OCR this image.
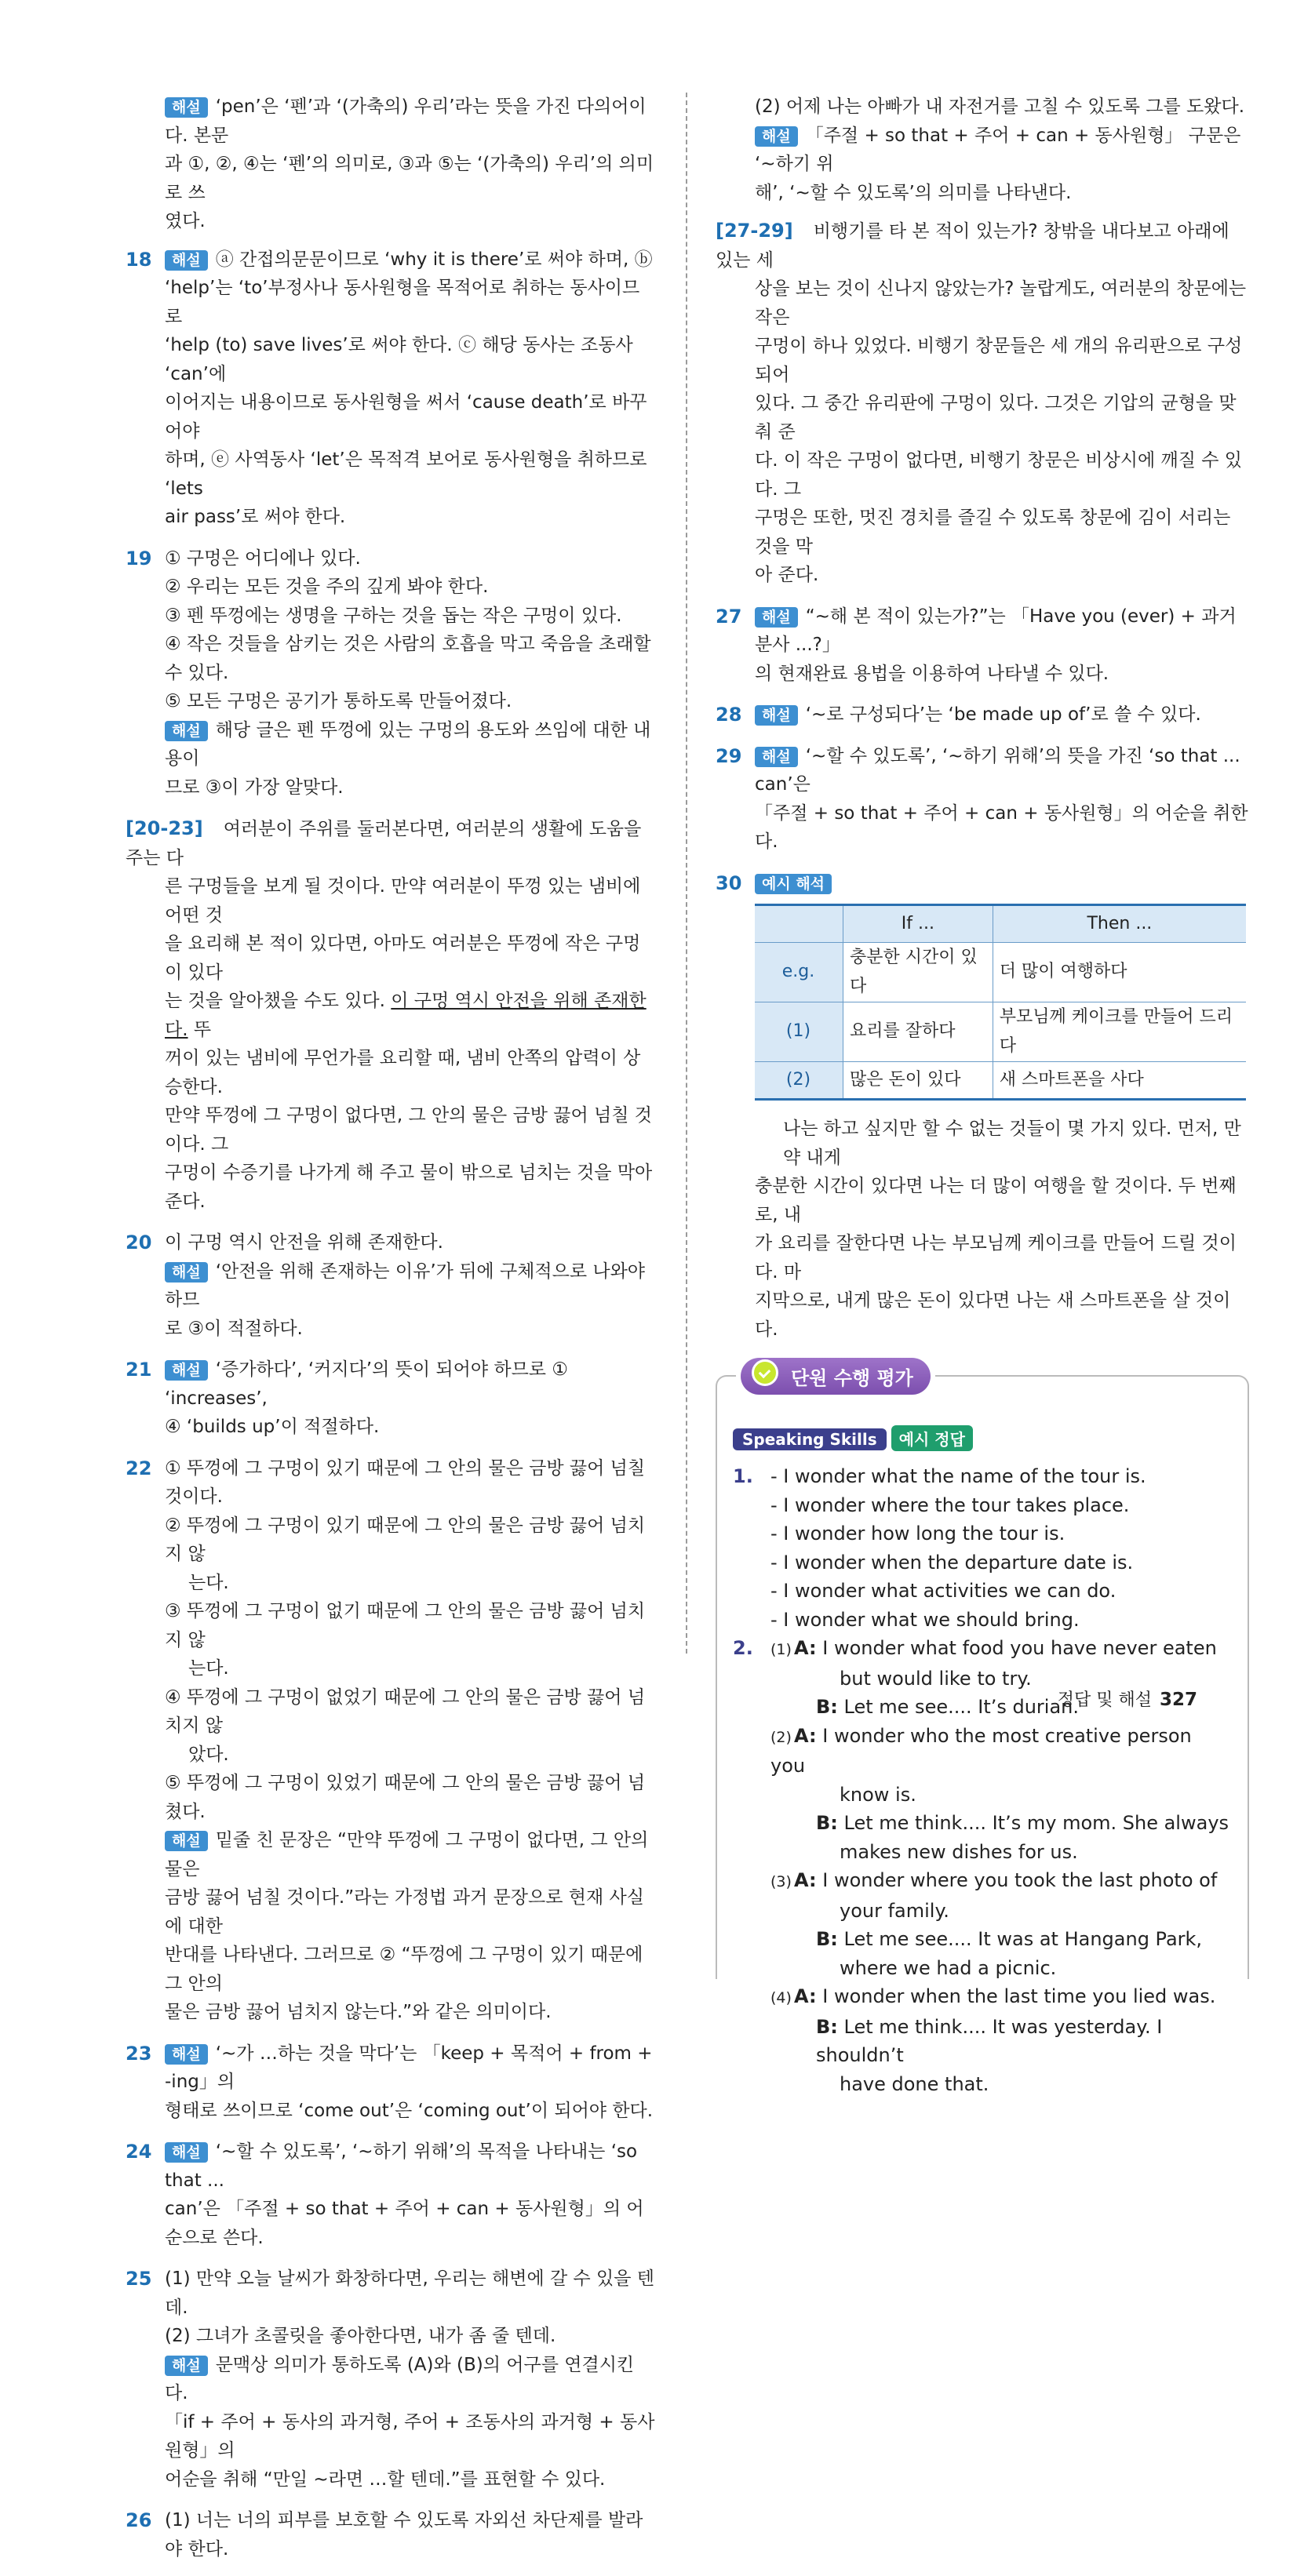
해설 ‘pen’은 ‘펜’과 ‘(가축의) 우리’라는 뜻을 가진 다의어이다. 본문
과 ①, ②, ④는 ‘펜’의 의미로, ③과 ⑤는 ‘(가축의) 우리’의 의미로 쓰
였다.
18	해설 ⓐ 간접의문문이므로 ‘why it is there’로 써야 하며, ⓑ
‘help’는 ‘to’부정사나 동사원형을 목적어로 취하는 동사이므로
‘help (to) save lives’로 써야 한다. ⓒ 해당 동사는 조동사 ‘can’에
이어지는 내용이므로 동사원형을 써서 ‘cause death’로 바꾸어야
하며, ⓔ 사역동사 ‘let’은 목적격 보어로 동사원형을 취하므로 ‘lets
air pass’로 써야 한다.
19 ① 구멍은 어디에나 있다.
② 우리는 모든 것을 주의 깊게 봐야 한다.
③ 펜 뚜껑에는 생명을 구하는 것을 돕는 작은 구멍이 있다.
④ 작은 것들을 삼키는 것은 사람의 호흡을 막고 죽음을 초래할 수 있다.
⑤ 모든 구멍은 공기가 통하도록 만들어졌다.
해설 해당 글은 펜 뚜껑에 있는 구멍의 용도와 쓰임에 대한 내용이
므로 ③이 가장 알맞다.
[20-23] 여러분이 주위를 둘러본다면, 여러분의 생활에 도움을 주는 다
른 구멍들을 보게 될 것이다. 만약 여러분이 뚜껑 있는 냄비에 어떤 것
을 요리해 본 적이 있다면, 아마도 여러분은 뚜껑에 작은 구멍이 있다
는 것을 알아챘을 수도 있다. 이 구멍 역시 안전을 위해 존재한다. 뚜
꺼이 있는 냄비에 무언가를 요리할 때, 냄비 안쪽의 압력이 상승한다.
만약 뚜껑에 그 구멍이 없다면, 그 안의 물은 금방 끓어 넘칠 것이다. 그
구멍이 수증기를 나가게 해 주고 물이 밖으로 넘치는 것을 막아 준다.
20 이 구멍 역시 안전을 위해 존재한다.
해설 ‘안전을 위해 존재하는 이유’가 뒤에 구체적으로 나와야 하므
로 ③이 적절하다.
21	해설 ‘증가하다’, ‘커지다’의 뜻이 되어야 하므로 ① ‘increases’,
④ ‘builds up’이 적절하다.
22 ① 뚜껑에 그 구멍이 있기 때문에 그 안의 물은 금방 끓어 넘칠 것이다.
② 뚜껑에 그 구멍이 있기 때문에 그 안의 물은 금방 끓어 넘치지 않
는다.
③ 뚜껑에 그 구멍이 없기 때문에 그 안의 물은 금방 끓어 넘치지 않
는다.
④ 뚜껑에 그 구멍이 없었기 때문에 그 안의 물은 금방 끓어 넘치지 않
았다.
⑤ 뚜껑에 그 구멍이 있었기 때문에 그 안의 물은 금방 끓어 넘쳤다.
해설 밑줄 친 문장은 “만약 뚜껑에 그 구멍이 없다면, 그 안의 물은
금방 끓어 넘칠 것이다.”라는 가정법 과거 문장으로 현재 사실에 대한
반대를 나타낸다. 그러므로 ② “뚜껑에 그 구멍이 있기 때문에 그 안의
물은 금방 끓어 넘치지 않는다.”와 같은 의미이다.
23	해설 ‘~가 …하는 것을 막다’는 「keep + 목적어 + from + -ing」의
형태로 쓰이므로 ‘come out’은 ‘coming out’이 되어야 한다.
24	해설 ‘~할 수 있도록’, ‘~하기 위해’의 목적을 나타내는 ‘so that ...
can’은 「주절 + so that + 주어 + can + 동사원형」의 어순으로 쓴다.
25 (1) 만약 오늘 날씨가 화창하다면, 우리는 해변에 갈 수 있을 텐데.
(2) 그녀가 초콜릿을 좋아한다면, 내가 좀 줄 텐데.
해설 문맥상 의미가 통하도록 (A)와 (B)의 어구를 연결시킨다.
「if + 주어 + 동사의 과거형, 주어 + 조동사의 과거형 + 동사원형」의
어순을 취해 “만일 ~라면 …할 텐데.”를 표현할 수 있다.
26 (1) 너는 너의 피부를 보호할 수 있도록 자외선 차단제를 발라야 한다.
(2) 어제 나는 아빠가 내 자전거를 고칠 수 있도록 그를 도왔다.
해설 「주절 + so that + 주어 + can + 동사원형」 구문은 ‘~하기 위
해’, ‘~할 수 있도록’의 의미를 나타낸다.
[27-29] 비행기를 타 본 적이 있는가? 창밖을 내다보고 아래에 있는 세
상을 보는 것이 신나지 않았는가? 놀랍게도, 여러분의 창문에는 작은
구멍이 하나 있었다. 비행기 창문들은 세 개의 유리판으로 구성되어
있다. 그 중간 유리판에 구멍이 있다. 그것은 기압의 균형을 맞춰 준
다. 이 작은 구멍이 없다면, 비행기 창문은 비상시에 깨질 수 있다. 그
구멍은 또한, 멋진 경치를 즐길 수 있도록 창문에 김이 서리는 것을 막
아 준다.
27	해설 “~해 본 적이 있는가?”는 「Have you (ever) + 과거분사 ...?」
의 현재완료 용법을 이용하여 나타낼 수 있다.
28	해설 ‘~로 구성되다’는 ‘be made up of’로 쓸 수 있다.
29	해설 ‘~할 수 있도록’, ‘~하기 위해’의 뜻을 가진 ‘so that ... can’은
「주절 + so that + 주어 + can + 동사원형」의 어순을 취한다.
30	예시 해석
	If ...	Then ...
e.g.	충분한 시간이 있다	더 많이 여행하다
(1)	요리를 잘하다	부모님께 케이크를 만들어 드리다
(2)	많은 돈이 있다	새 스마트폰을 사다
나는 하고 싶지만 할 수 없는 것들이 몇 가지 있다. 먼저, 만약 내게
충분한 시간이 있다면 나는 더 많이 여행을 할 것이다. 두 번째로, 내
가 요리를 잘한다면 나는 부모님께 케이크를 만들어 드릴 것이다. 마
지막으로, 내게 많은 돈이 있다면 나는 새 스마트폰을 살 것이다.
단원 수행 평가
Speaking Skills 예시 정답
1. - I wonder what the name of the tour is.
- I wonder where the tour takes place.
- I wonder how long the tour is.
- I wonder when the departure date is.
- I wonder what activities we can do.
- I wonder what we should bring.
2. (1) A: I wonder what food you have never eaten
but would like to try.
B: Let me see.... It’s durian.
(2) A: I wonder who the most creative person you
know is.
B: Let me think.... It’s my mom. She always
makes new dishes for us.
(3) A: I wonder where you took the last photo of
your family.
B: Let me see.... It was at Hangang Park,
where we had a picnic.
(4) A: I wonder when the last time you lied was.
B: Let me think.... It was yesterday. I shouldn’t
have done that.
정답 및 해설 327
